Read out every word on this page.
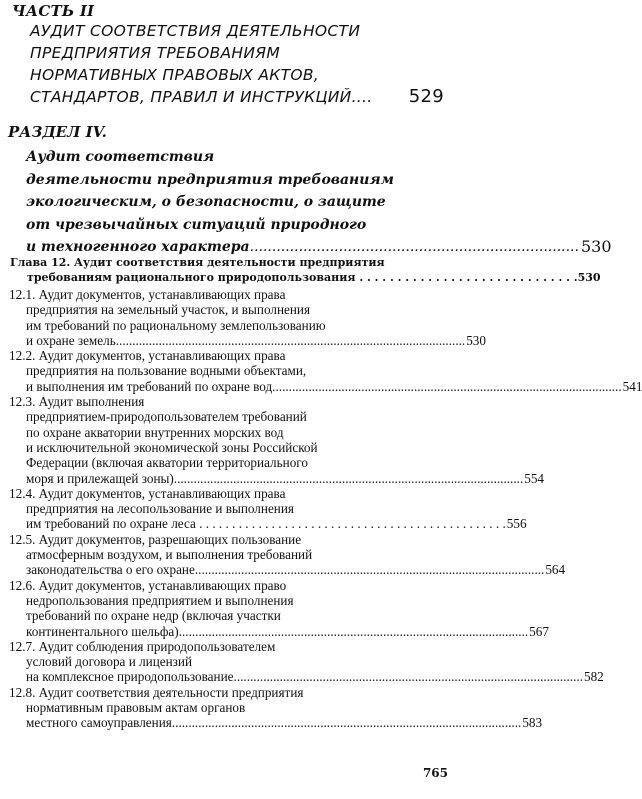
ЧАСТЬ II
АУДИТ СООТВЕТСТВИЯ ДЕЯТЕЛЬНОСТИ
ПРЕДПРИЯТИЯ ТРЕБОВАНИЯМ
НОРМАТИВНЫХ ПРАВОВЫХ АКТОВ,
СТАНДАРТОВ, ПРАВИЛ И ИНСТРУКЦИЙ.... 529
РАЗДЕЛ IV.
Аудит соответствия
деятельности предприятия требованиям
экологическим, о безопасности, о защите
от чрезвычайных ситуаций природного
и техногенного характера .......................................................................... 530
Глава 12. Аудит соответствия деятельности предприятия
требованиям рационального природопользования . . . . . . . . . . . . . . . . . . . . . . . . . . . . . 530
12.1. Аудит документов, устанавливающих права
предприятия на земельный участок, и выполнения
им требований по рациональному землепользованию
и охране земель .......................................................................................................... 530
12.2. Аудит документов, устанавливающих права
предприятия на пользование водными объектами,
и выполнения им требований по охране вод .......................................................................................................... 541
12.3. Аудит выполнения
предприятием-природопользователем требований
по охране акватории внутренних морских вод
и исключительной экономической зоны Российской
Федерации (включая акватории территориального
моря и прилежащей зоны) .......................................................................................................... 554
12.4. Аудит документов, устанавливающих права
предприятия на лесопользование и выполнения
им требований по охране леса . . . . . . . . . . . . . . . . . . . . . . . . . . . . . . . . . . . . . . . . . . . . . . . 556
12.5. Аудит документов, разрешающих пользование
атмосферным воздухом, и выполнения требований
законодательства о его охране .......................................................................................................... 564
12.6. Аудит документов, устанавливающих право
недропользования предприятием и выполнения
требований по охране недр (включая участки
континентального шельфа) .......................................................................................................... 567
12.7. Аудит соблюдения природопользователем
условий договора и лицензий
на комплексное природопользование .......................................................................................................... 582
12.8. Аудит соответствия деятельности предприятия
нормативным правовым актам органов
местного самоуправления .......................................................................................................... 583
765
